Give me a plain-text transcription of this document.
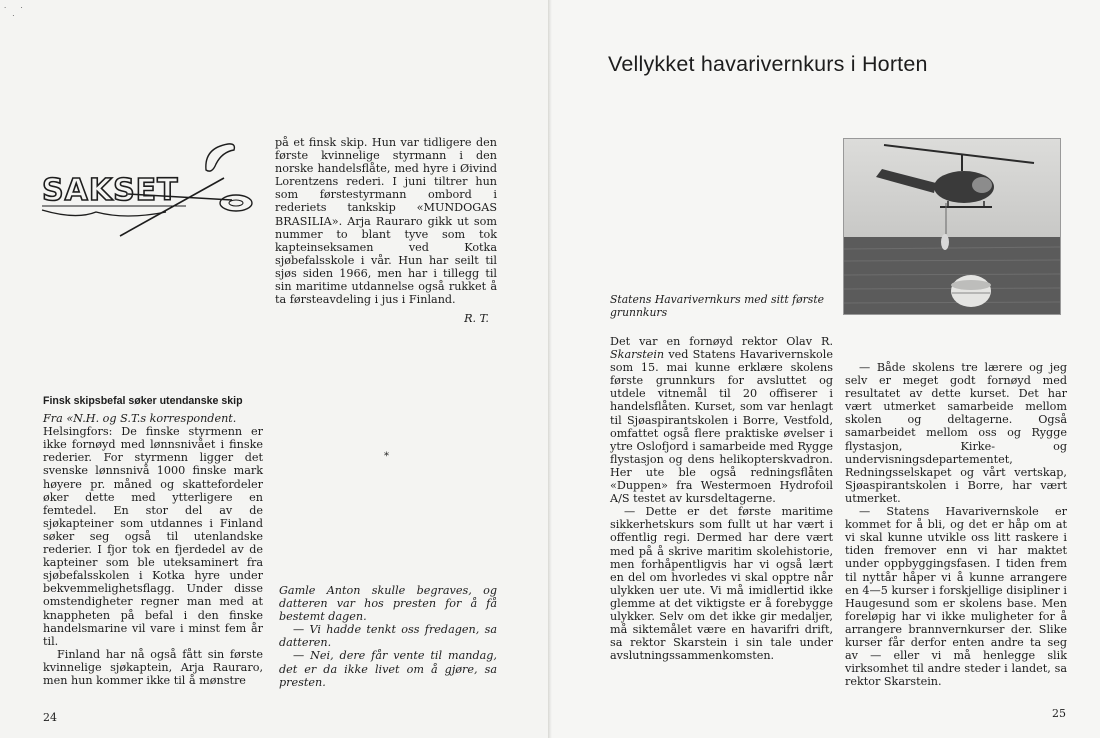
· ·
·
SAKSET

på et finsk skip. Hun var tidligere den første kvinnelige styrmann i den norske handelsflåte, med hyre i Øivind Lorentzens rederi. I juni tiltrer hun som førstestyrmann ombord i rederiets tankskip «MUNDOGAS BRASILIA». Arja Rauraro gikk ut som nummer to blant tyve som tok kapteinseksamen ved Kotka sjøbefalsskole i vår. Hun har seilt til sjøs siden 1966, men har i tillegg til sin maritime utdannelse også rukket å ta førsteavdeling i jus i Finland.

R. T.
Finsk skipsbefal søker utendanske skip
Fra «N.H. og S.T.s korrespondent.

Helsingfors: De finske styrmenn er ikke fornøyd med lønnsnivået i finske rederier. For styrmenn ligger det svenske lønnsnivå 1000 finske mark høyere pr. måned og skattefordeler øker dette med ytterligere en femtedel. En stor del av de sjøkapteiner som utdannes i Finland søker seg også til utenlandske rederier. I fjor tok en fjerdedel av de kapteiner som ble uteksaminert fra sjøbefalsskolen i Kotka hyre under bekvemmelighetsflagg. Under disse omstendigheter regner man med at knappheten på befal i den finske handelsmarine vil vare i minst fem år til.

Finland har nå også fått sin første kvinnelige sjøkaptein, Arja Rauraro, men hun kommer ikke til å mønstre

*

Gamle Anton skulle begraves, og datteren var hos presten for å få bestemt dagen.

— Vi hadde tenkt oss fredagen, sa datteren.

— Nei, dere får vente til mandag, det er da ikke livet om å gjøre, sa presten.

24
Vellykket havarivernkurs i Horten
Statens Havarivernkurs med sitt første grunnkurs

Det var en fornøyd rektor Olav R. Skarstein ved Statens Havarivernskole som 15. mai kunne erklære skolens første grunnkurs for avsluttet og utdele vitnemål til 20 offiserer i handelsflåten. Kurset, som var henlagt til Sjøaspirantskolen i Borre, Vestfold, omfattet også flere praktiske øvelser i ytre Oslofjord i samarbeide med Rygge flystasjon og dens helikopterskvadron. Her ute ble også redningsflåten «Duppen» fra Westermoen Hydrofoil A/S testet av kursdeltagerne.

— Dette er det første maritime sikkerhetskurs som fullt ut har vært i offentlig regi. Dermed har dere vært med på å skrive maritim skolehistorie, men forhåpentligvis har vi også lært en del om hvorledes vi skal opptre når ulykken uer ute. Vi må imidlertid ikke glemme at det viktigste er å forebygge ulykker. Selv om det ikke gir medaljer, må siktemålet være en havarifri drift, sa rektor Skarstein i sin tale under avslutningssammenkomsten.

— Både skolens tre lærere og jeg selv er meget godt fornøyd med resultatet av dette kurset. Det har vært utmerket samarbeide mellom skolen og deltagerne. Også samarbeidet mellom oss og Rygge flystasjon, Kirke- og undervisningsdepartementet, Redningsselskapet og vårt vertskap, Sjøaspirantskolen i Borre, har vært utmerket.

— Statens Havarivernskole er kommet for å bli, og det er håp om at vi skal kunne utvikle oss litt raskere i tiden fremover enn vi har maktet under oppbyggingsfasen. I tiden frem til nyttår håper vi å kunne arrangere en 4—5 kurser i forskjellige disipliner i Haugesund som er skolens base. Men foreløpig har vi ikke muligheter for å arrangere brannvernkurser der. Slike kurser får derfor enten andre ta seg av — eller vi må henlegge slik virksomhet til andre steder i landet, sa rektor Skarstein.

25
